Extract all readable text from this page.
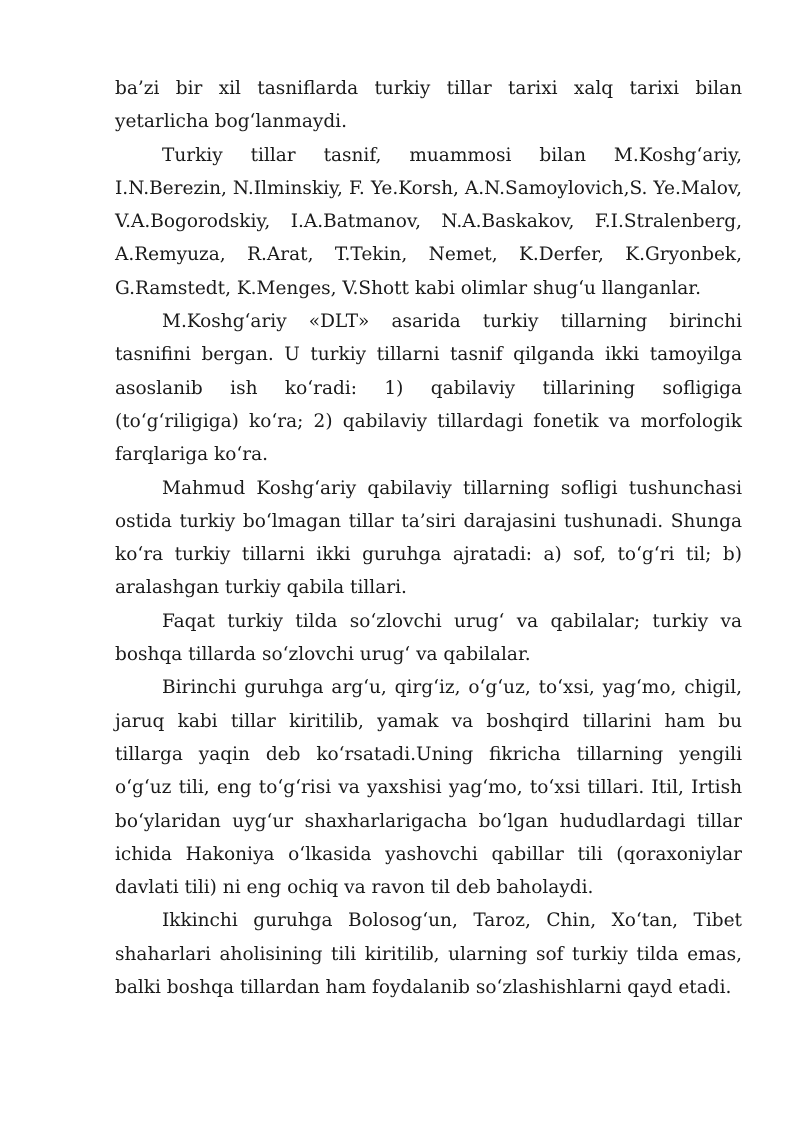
ba’zi bir xil tasniflarda turkiy tillar tarixi xalq tarixi bilan yetarlicha bog‘lanmaydi.

Turkiy tillar tasnif, muammosi bilan M.Koshg‘ariy, I.N.Berezin, N.Ilminskiy, F. Ye.Korsh, A.N.Samoylovich,S. Ye.Malov, V.A.Bogorodskiy, I.A.Batmanov, N.A.Baskakov, F.I.Stralenberg, A.Remyuza, R.Arat, T.Tekin, Nemet, K.Derfer, K.Gryonbek, G.Ramstedt, K.Menges, V.Shott kabi olimlar shug‘u llanganlar.

M.Koshg‘ariy «DLT» asarida turkiy tillarning birinchi tasnifini bergan. U turkiy tillarni tasnif qilganda ikki tamoyilga asoslanib ish ko‘radi: 1) qabilaviy tillarining sofligiga (to‘g‘riligiga) ko‘ra; 2) qabilaviy tillardagi fonetik va morfologik farqlariga ko‘ra.

Mahmud Koshg‘ariy qabilaviy tillarning sofligi tushunchasi ostida turkiy bo‘lmagan tillar ta’siri darajasini tushunadi. Shunga ko‘ra turkiy tillarni ikki guruhga ajratadi: a) sof, to‘g‘ri til; b) aralashgan turkiy qabila tillari.

Faqat turkiy tilda so‘zlovchi urug‘ va qabilalar; turkiy va boshqa tillarda so‘zlovchi urug‘ va qabilalar.

Birinchi guruhga arg‘u, qirg‘iz, o‘g‘uz, to‘xsi, yag‘mo, chigil, jaruq kabi tillar kiritilib, yamak va boshqird tillarini ham bu tillarga yaqin deb ko‘rsatadi.Uning fikricha tillarning yengili o‘g‘uz tili, eng to‘g‘risi va yaxshisi yag‘mo, to‘xsi tillari. Itil, Irtish bo‘ylaridan uyg‘ur shaxharlarigacha bo‘lgan hududlardagi tillar ichida Hakoniya o‘lkasida yashovchi qabillar tili (qoraxoniylar davlati tili) ni eng ochiq va ravon til deb baholaydi.

Ikkinchi guruhga Bolosog‘un, Taroz, Chin, Xo‘tan, Tibet shaharlari aholisining tili kiritilib, ularning sof turkiy tilda emas, balki boshqa tillardan ham foydalanib so‘zlashishlarni qayd etadi.
